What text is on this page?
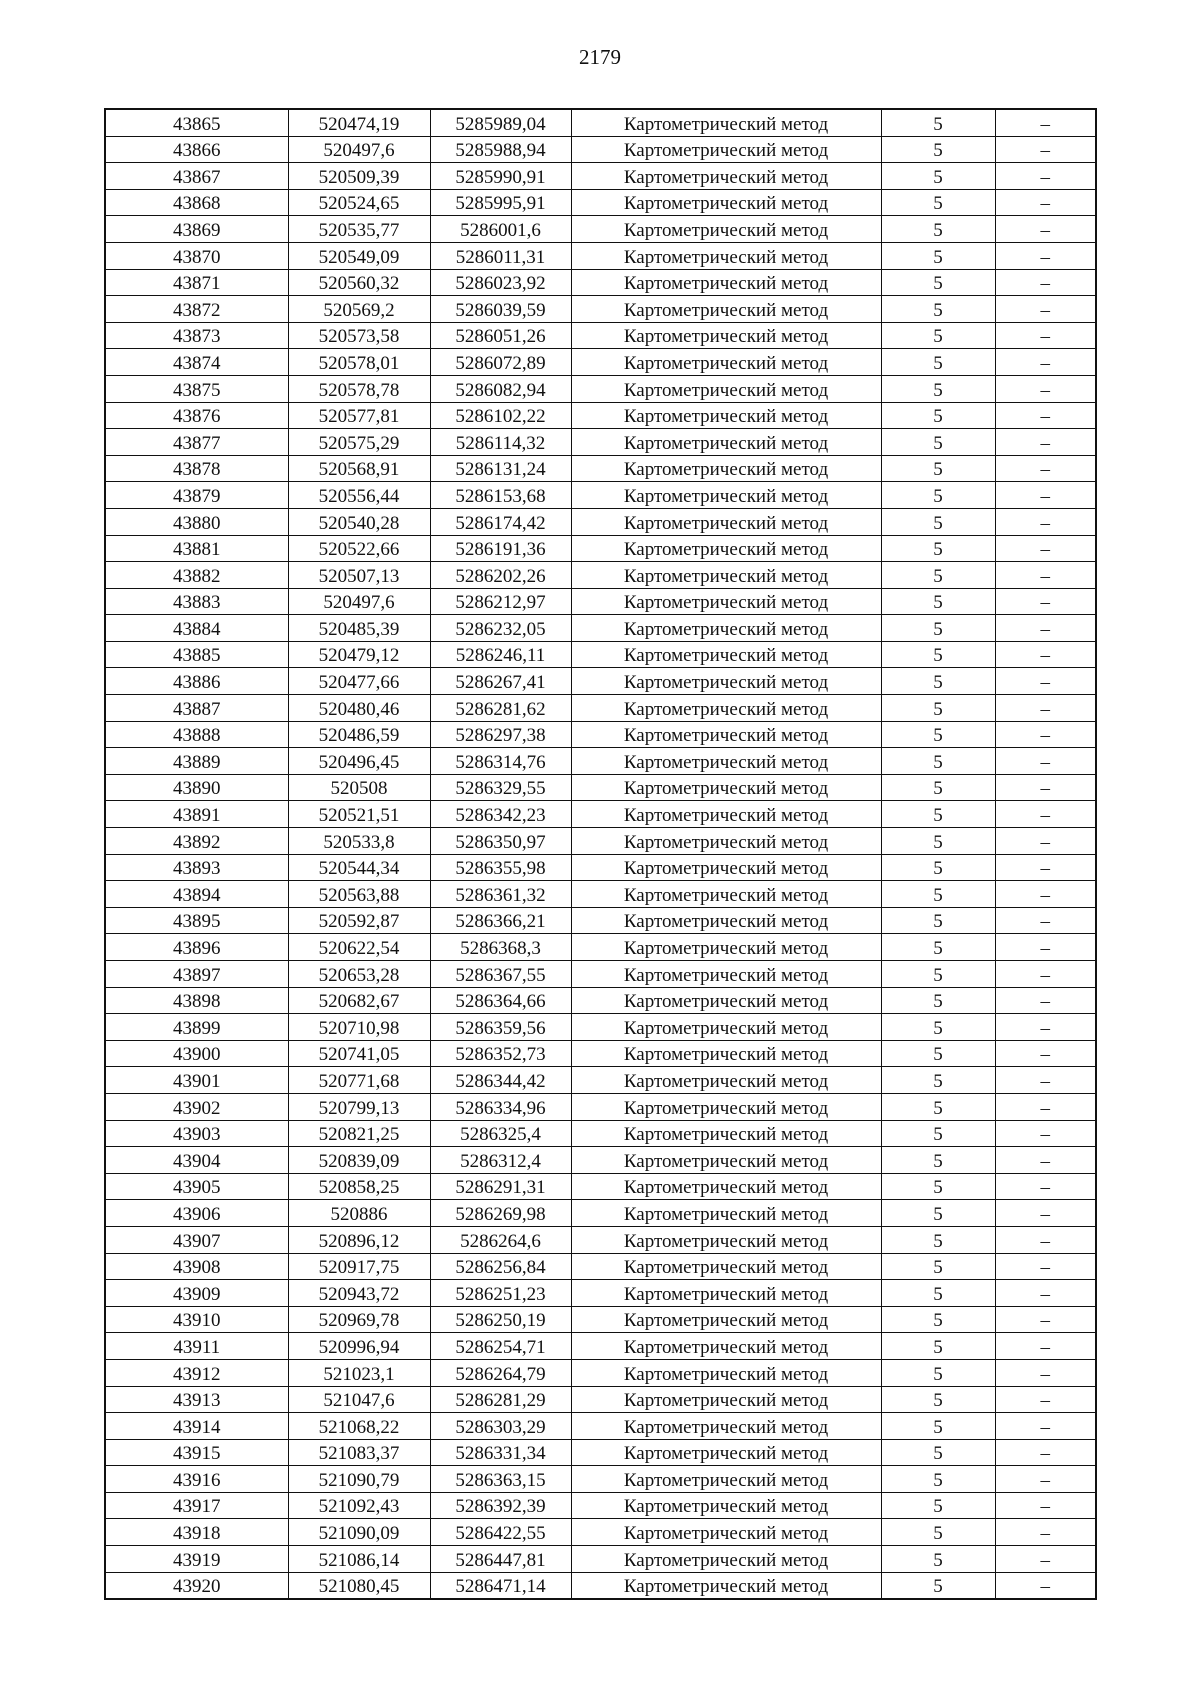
2179
43865	520474,19	5285989,04	Картометрический метод	5	–
43866	520497,6	5285988,94	Картометрический метод	5	–
43867	520509,39	5285990,91	Картометрический метод	5	–
43868	520524,65	5285995,91	Картометрический метод	5	–
43869	520535,77	5286001,6	Картометрический метод	5	–
43870	520549,09	5286011,31	Картометрический метод	5	–
43871	520560,32	5286023,92	Картометрический метод	5	–
43872	520569,2	5286039,59	Картометрический метод	5	–
43873	520573,58	5286051,26	Картометрический метод	5	–
43874	520578,01	5286072,89	Картометрический метод	5	–
43875	520578,78	5286082,94	Картометрический метод	5	–
43876	520577,81	5286102,22	Картометрический метод	5	–
43877	520575,29	5286114,32	Картометрический метод	5	–
43878	520568,91	5286131,24	Картометрический метод	5	–
43879	520556,44	5286153,68	Картометрический метод	5	–
43880	520540,28	5286174,42	Картометрический метод	5	–
43881	520522,66	5286191,36	Картометрический метод	5	–
43882	520507,13	5286202,26	Картометрический метод	5	–
43883	520497,6	5286212,97	Картометрический метод	5	–
43884	520485,39	5286232,05	Картометрический метод	5	–
43885	520479,12	5286246,11	Картометрический метод	5	–
43886	520477,66	5286267,41	Картометрический метод	5	–
43887	520480,46	5286281,62	Картометрический метод	5	–
43888	520486,59	5286297,38	Картометрический метод	5	–
43889	520496,45	5286314,76	Картометрический метод	5	–
43890	520508	5286329,55	Картометрический метод	5	–
43891	520521,51	5286342,23	Картометрический метод	5	–
43892	520533,8	5286350,97	Картометрический метод	5	–
43893	520544,34	5286355,98	Картометрический метод	5	–
43894	520563,88	5286361,32	Картометрический метод	5	–
43895	520592,87	5286366,21	Картометрический метод	5	–
43896	520622,54	5286368,3	Картометрический метод	5	–
43897	520653,28	5286367,55	Картометрический метод	5	–
43898	520682,67	5286364,66	Картометрический метод	5	–
43899	520710,98	5286359,56	Картометрический метод	5	–
43900	520741,05	5286352,73	Картометрический метод	5	–
43901	520771,68	5286344,42	Картометрический метод	5	–
43902	520799,13	5286334,96	Картометрический метод	5	–
43903	520821,25	5286325,4	Картометрический метод	5	–
43904	520839,09	5286312,4	Картометрический метод	5	–
43905	520858,25	5286291,31	Картометрический метод	5	–
43906	520886	5286269,98	Картометрический метод	5	–
43907	520896,12	5286264,6	Картометрический метод	5	–
43908	520917,75	5286256,84	Картометрический метод	5	–
43909	520943,72	5286251,23	Картометрический метод	5	–
43910	520969,78	5286250,19	Картометрический метод	5	–
43911	520996,94	5286254,71	Картометрический метод	5	–
43912	521023,1	5286264,79	Картометрический метод	5	–
43913	521047,6	5286281,29	Картометрический метод	5	–
43914	521068,22	5286303,29	Картометрический метод	5	–
43915	521083,37	5286331,34	Картометрический метод	5	–
43916	521090,79	5286363,15	Картометрический метод	5	–
43917	521092,43	5286392,39	Картометрический метод	5	–
43918	521090,09	5286422,55	Картометрический метод	5	–
43919	521086,14	5286447,81	Картометрический метод	5	–
43920	521080,45	5286471,14	Картометрический метод	5	–
